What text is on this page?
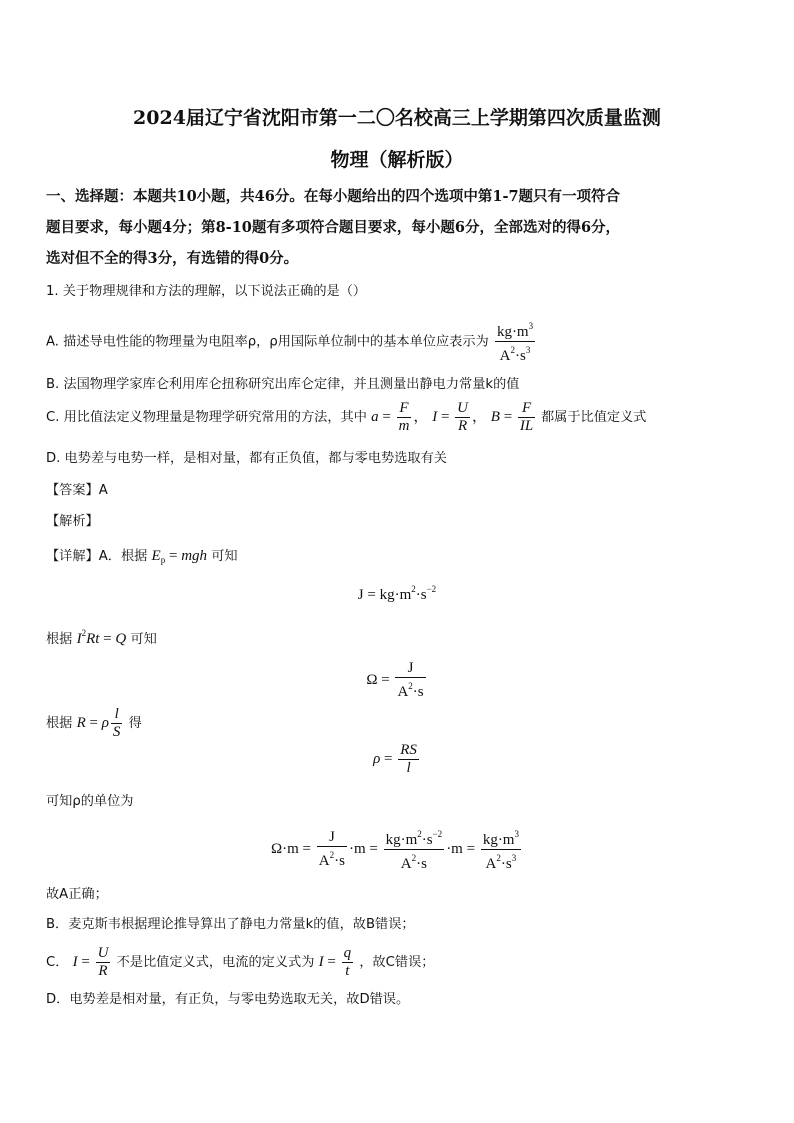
2024届辽宁省沈阳市第一二〇名校高三上学期第四次质量监测
物理（解析版）
一、选择题：本题共10小题，共46分。在每小题给出的四个选项中第1-7题只有一项符合
题目要求，每小题4分；第8-10题有多项符合题目要求，每小题6分，全部选对的得6分，
选对但不全的得3分，有选错的得0分。
1. 关于物理规律和方法的理解，以下说法正确的是（）
A. 描述导电性能的物理量为电阻率ρ，ρ用国际单位制中的基本单位应表示为 $\frac{kg\cdot m^3}{A^2\cdot s^3}$
B. 法国物理学家库仑利用库仑扭称研究出库仑定律，并且测量出静电力常量k的值
C. 用比值法定义物理量是物理学研究常用的方法，其中 $a = \frac{F}{m}$ ， $I = \frac{U}{R}$ ， $B = \frac{F}{IL}$ 都属于比值定义式
D. 电势差与电势一样，是相对量，都有正负值，都与零电势选取有关
【答案】A
【解析】
【详解】A．根据 $E_p$ = mgh 可知
$J = kg\cdot m^2\cdot s^{-2}$
根据 $I^2Rt = Q$ 可知
$\Omega = \frac{J}{A^2\cdot s}$
根据 R = ρ $\frac{l}{S}$ 得
$\rho = \frac{RS}{l}$
可知ρ的单位为
$\Omega\cdot m = \frac{J}{A^2\cdot s} \cdot m = \frac{kg\cdot m^2\cdot s^{-2}}{A^2\cdot s} \cdot m = \frac{kg\cdot m^3}{A^2\cdot s^3}$
故A正确；
B．麦克斯韦根据理论推导算出了静电力常量k的值，故B错误；
C． $I = \frac{U}{R}$ 不是比值定义式，电流的定义式为 $I = \frac{q}{t}$ ，故C错误；
D．电势差是相对量，有正负，与零电势选取无关，故D错误。
